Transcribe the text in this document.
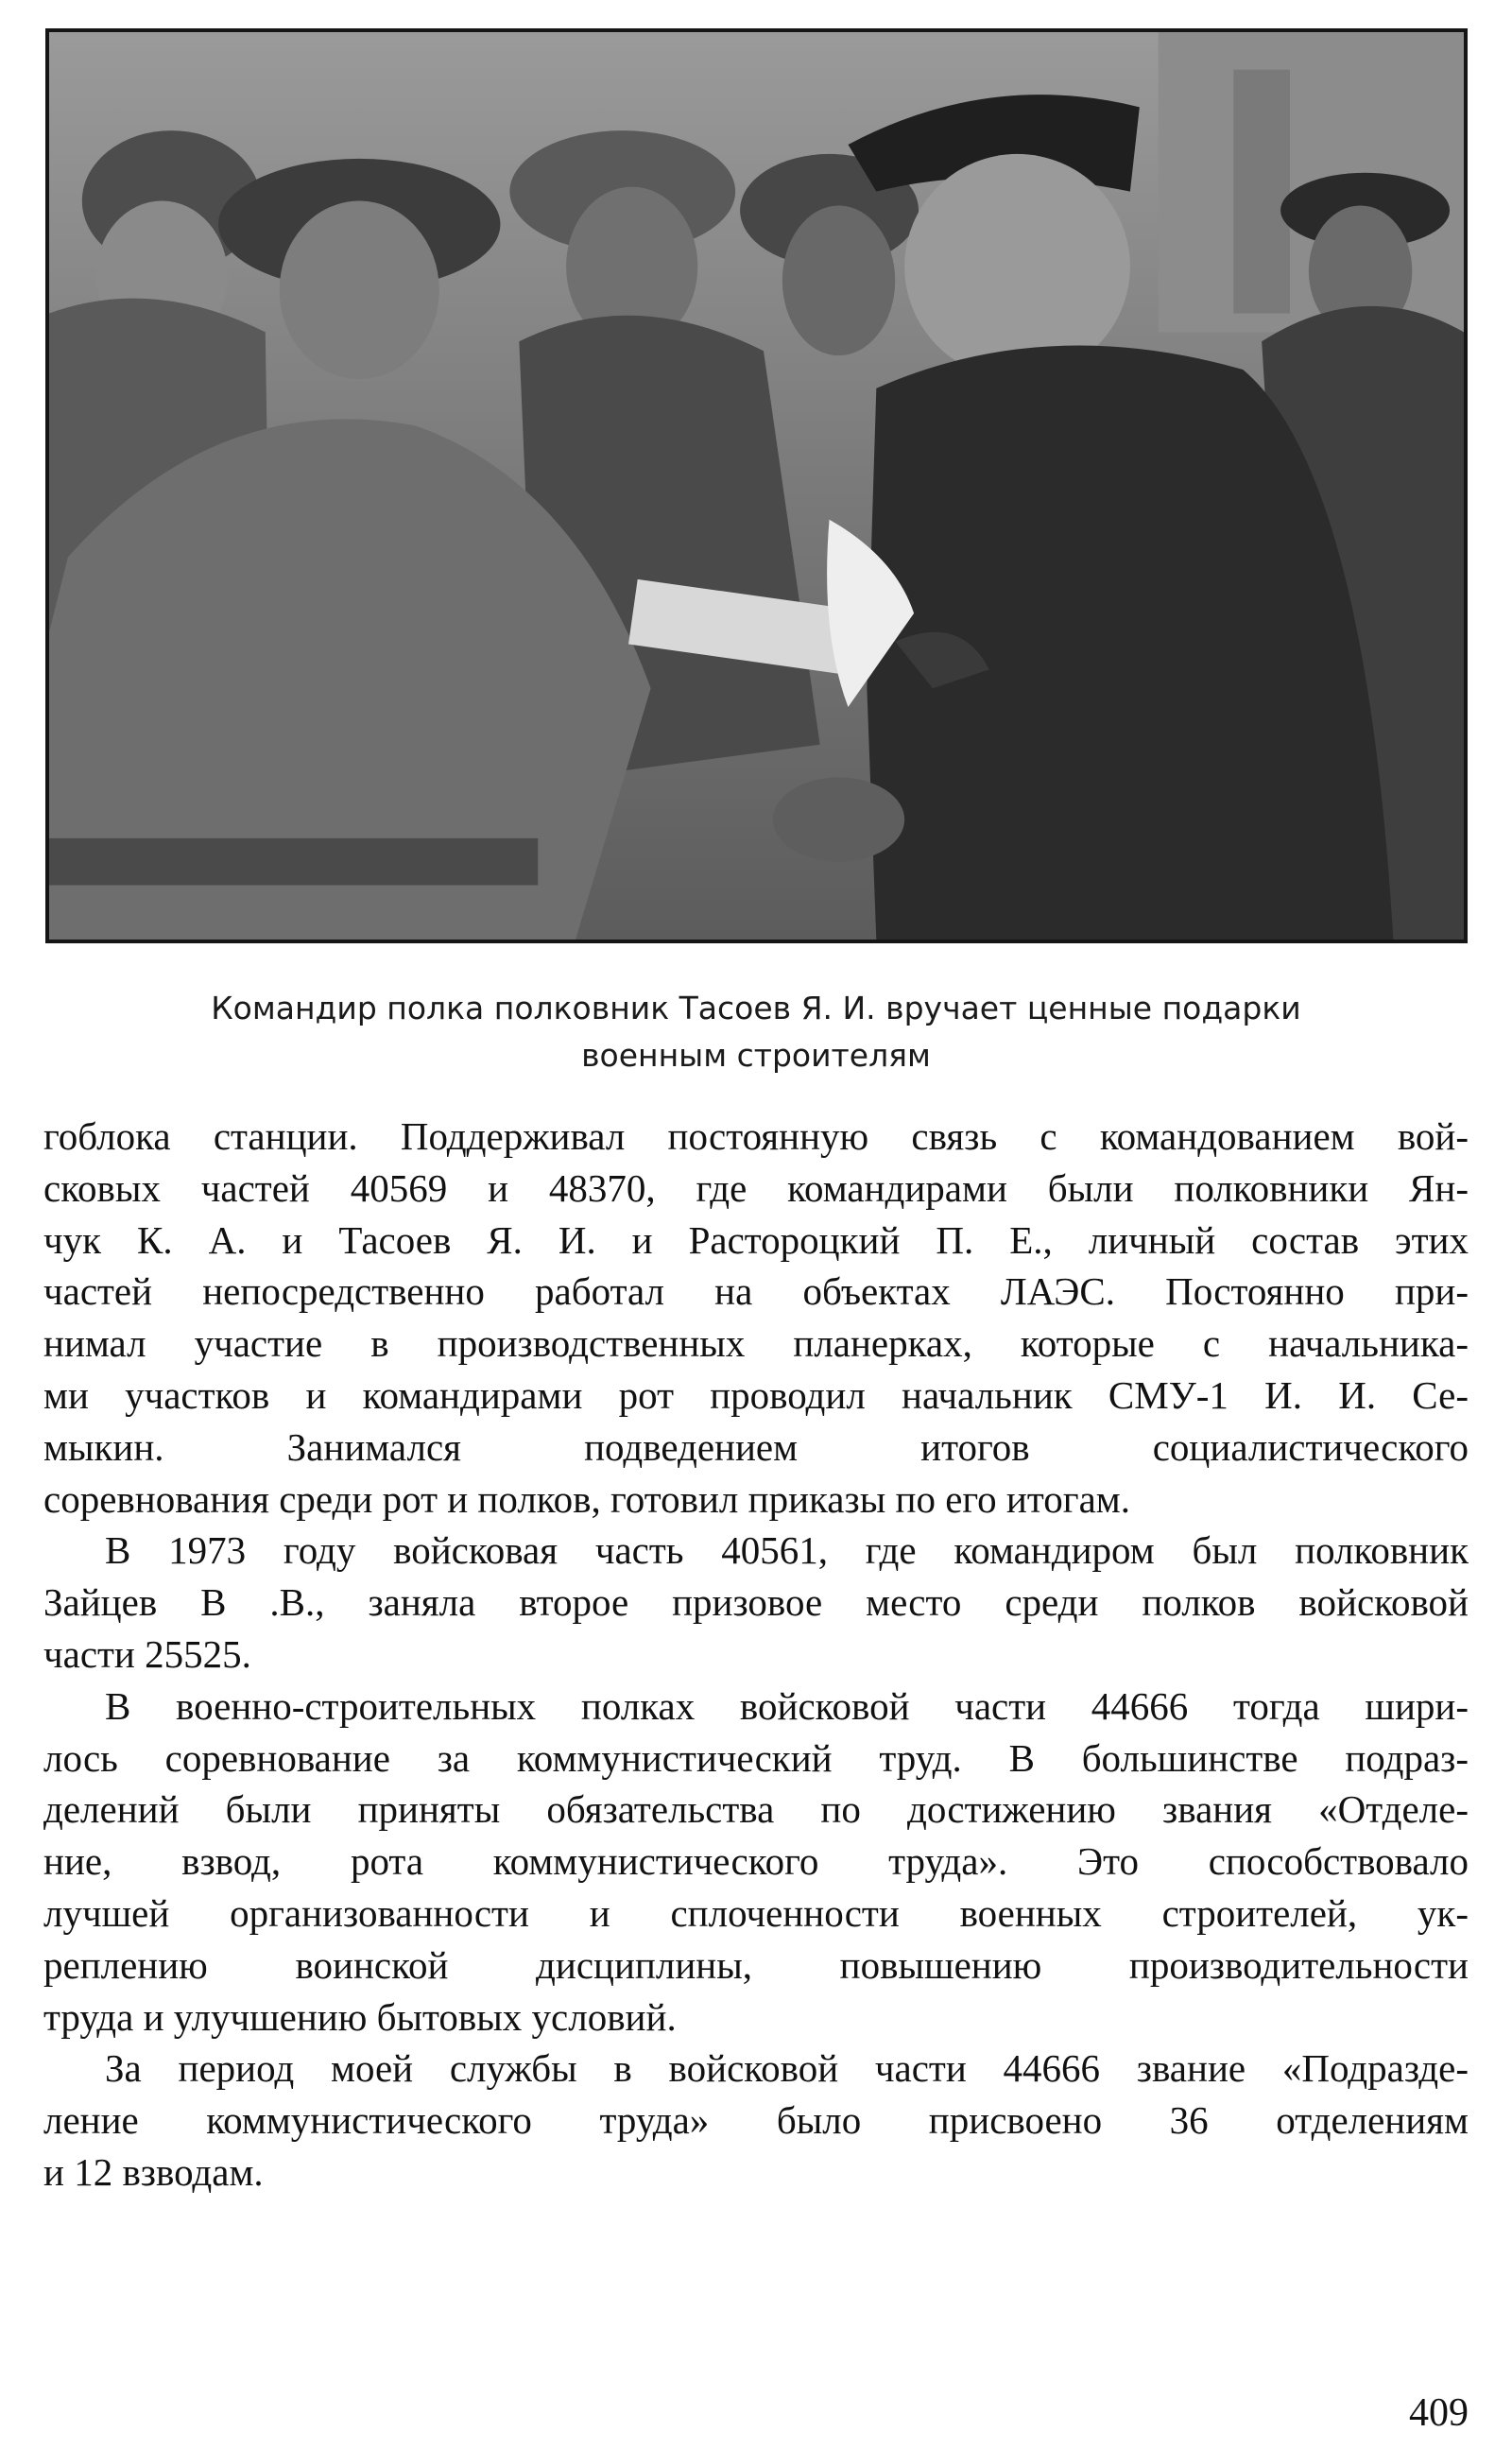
Командир полка полковник Тасоев Я. И. вручает ценные подарки
военным строителям
гоблока станции. Поддерживал постоянную связь с командованием вой-
сковых частей 40569 и 48370, где командирами были полковники Ян-
чук К. А. и Тасоев Я. И. и Расторoцкий П. Е., личный состав этих
частей непосредственно работал на объектах ЛАЭС. Постоянно при-
нимал участие в производственных планерках, которые с начальника-
ми участков и командирами рот проводил начальник СМУ-1 И. И. Се-
мыкин. Занимался подведением итогов социалистического
соревнования среди рот и полков, готовил приказы по его итогам.
В 1973 году войсковая часть 40561, где командиром был полковник
Зайцев В .В., заняла второе призовое место среди полков войсковой
части 25525.
В военно-строительных полках войсковой части 44666 тогда шири-
лось соревнование за коммунистический труд. В большинстве подраз-
делений были приняты обязательства по достижению звания «Отделе-
ние, взвод, рота коммунистического труда». Это способствовало
лучшей организованности и сплоченности военных строителей, ук-
реплению воинской дисциплины, повышению производительности
труда и улучшению бытовых условий.
За период моей службы в войсковой части 44666 звание «Подразде-
ление коммунистического труда» было присвоено 36 отделениям
и 12 взводам.
409
